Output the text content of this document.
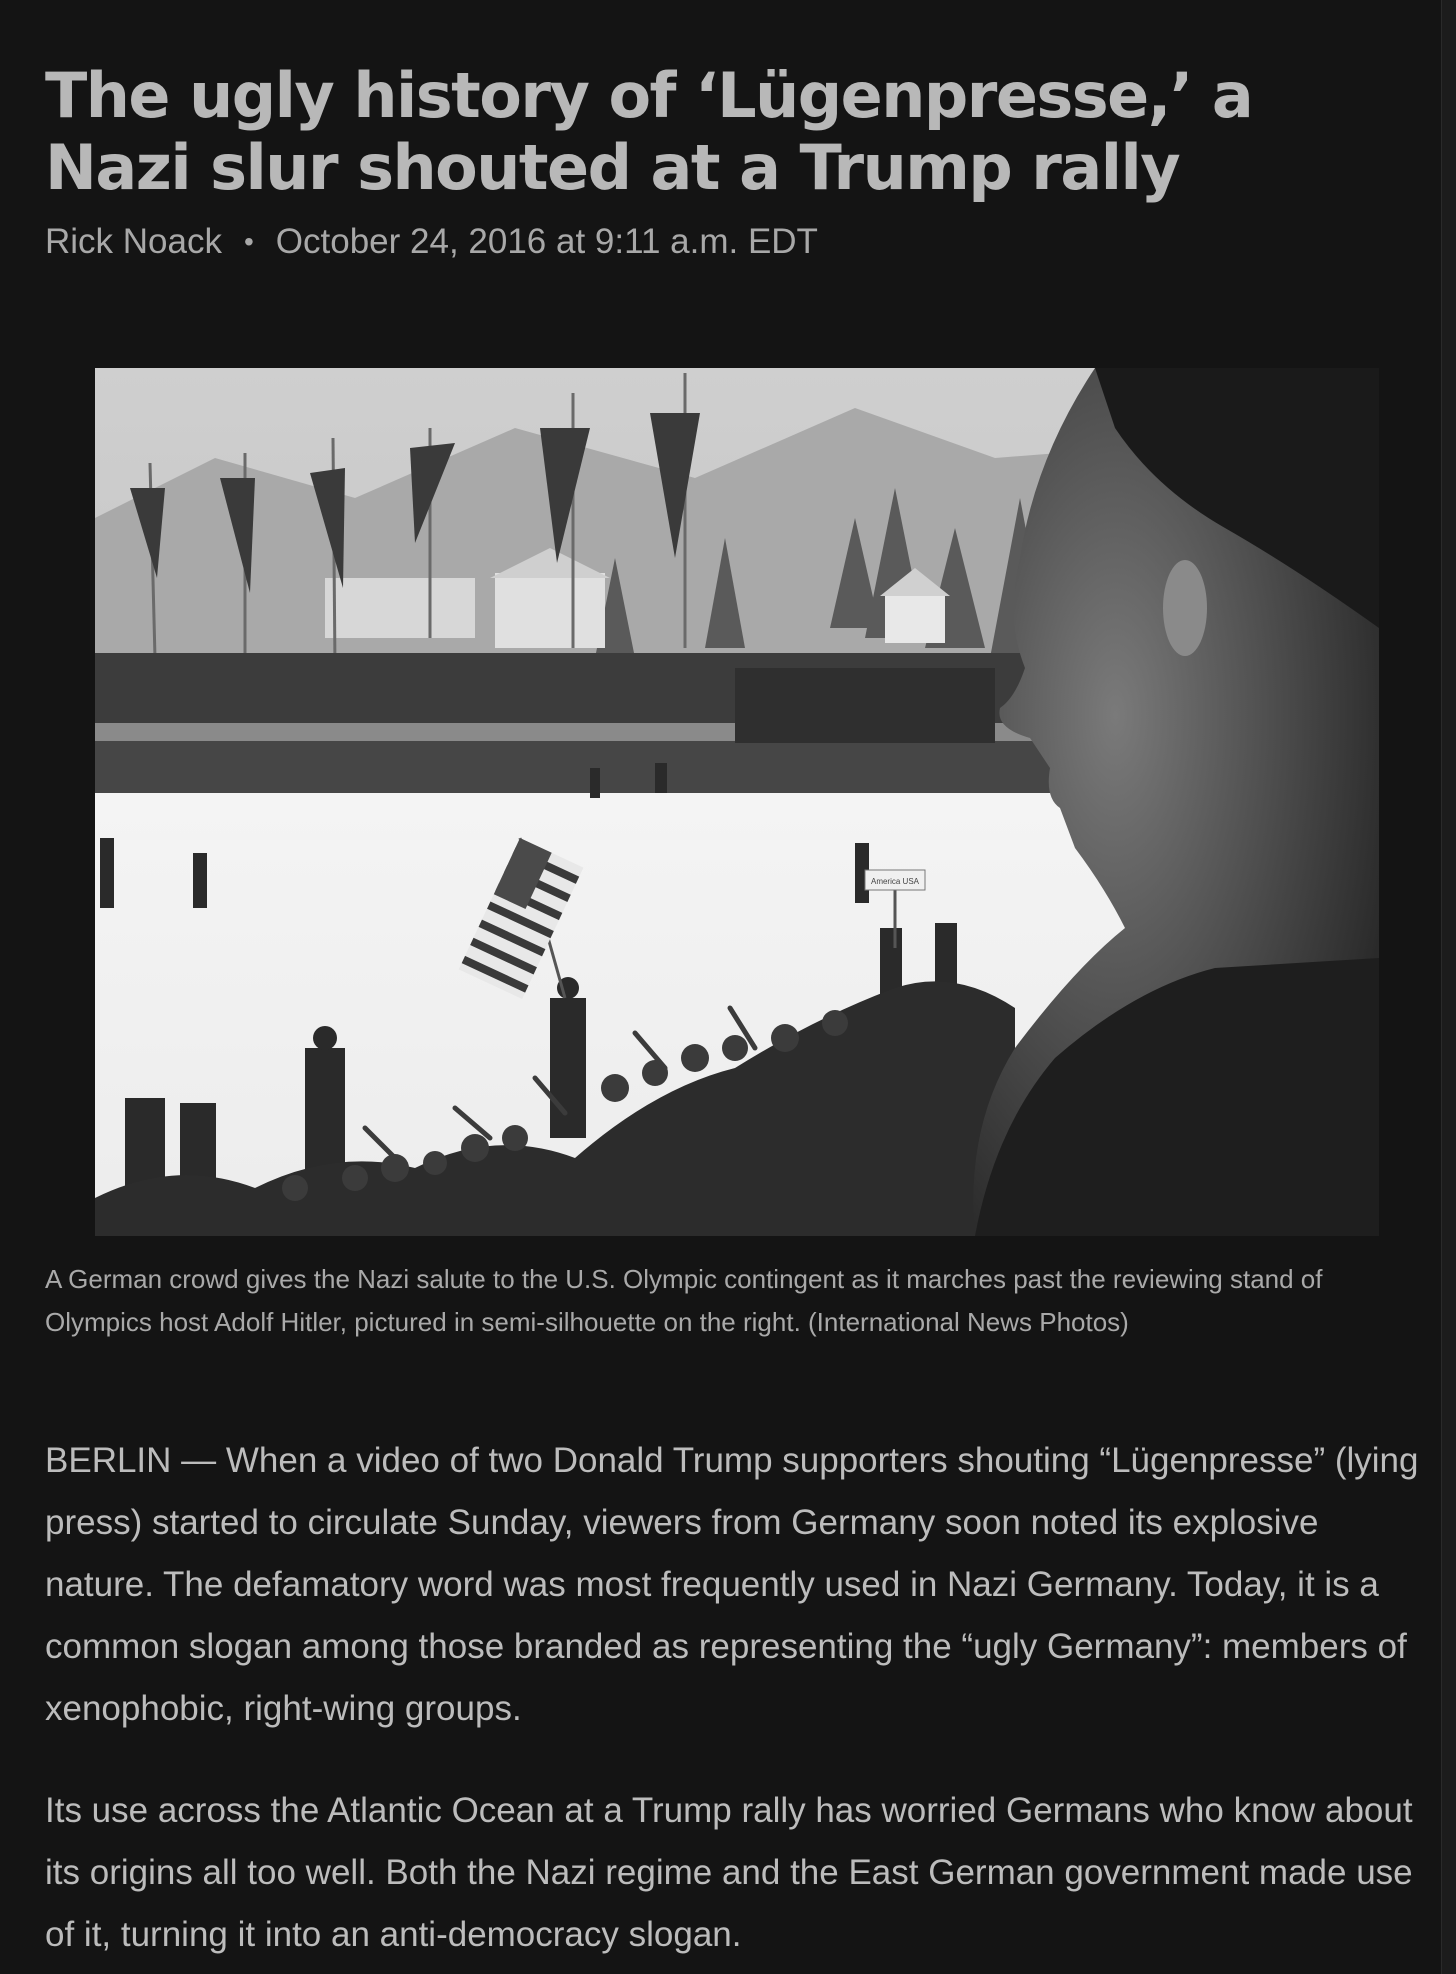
The ugly history of ‘Lügenpresse,’ a
Nazi slur shouted at a Trump rally
Rick Noack • October 24, 2016 at 9:11 a.m. EDT
America USA
A German crowd gives the Nazi salute to the U.S. Olympic contingent as it marches past the reviewing stand of Olympics host Adolf Hitler, pictured in semi-silhouette on the right. (International News Photos)

BERLIN — When a video of two Donald Trump supporters shouting “Lügenpresse” (lying press) started to circulate Sunday, viewers from Germany soon noted its explosive nature. The defamatory word was most frequently used in Nazi Germany. Today, it is a common slogan among those branded as representing the “ugly Germany”: members of xenophobic, right-wing groups.

Its use across the Atlantic Ocean at a Trump rally has worried Germans who know about its origins all too well. Both the Nazi regime and the East German government made use of it, turning it into an anti-democracy slogan.
